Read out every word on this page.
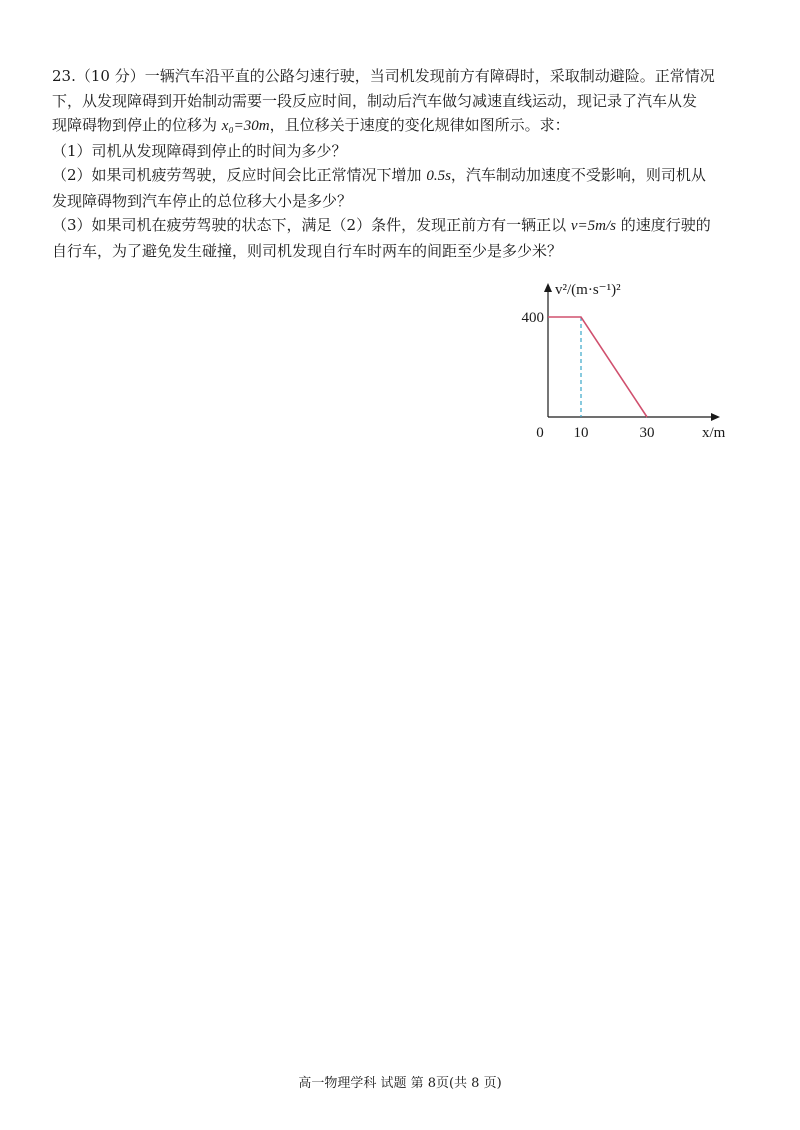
23.（10 分）一辆汽车沿平直的公路匀速行驶，当司机发现前方有障碍时，采取制动避险。正常情况
下，从发现障碍到开始制动需要一段反应时间，制动后汽车做匀减速直线运动，现记录了汽车从发
现障碍物到停止的位移为 x₀=30m，且位移关于速度的变化规律如图所示。求：
（1）司机从发现障碍到停止的时间为多少？
（2）如果司机疲劳驾驶，反应时间会比正常情况下增加 0.5s，汽车制动加速度不受影响，则司机从
发现障碍物到汽车停止的总位移大小是多少？
（3）如果司机在疲劳驾驶的状态下，满足（2）条件，发现正前方有一辆正以 v=5m/s 的速度行驶的
自行车，为了避免发生碰撞，则司机发现自行车时两车的间距至少是多少米？
v²/(m·s⁻¹)²
x/m
0 10	30
400
高一物理学科 试题 第 8页(共 8 页)
